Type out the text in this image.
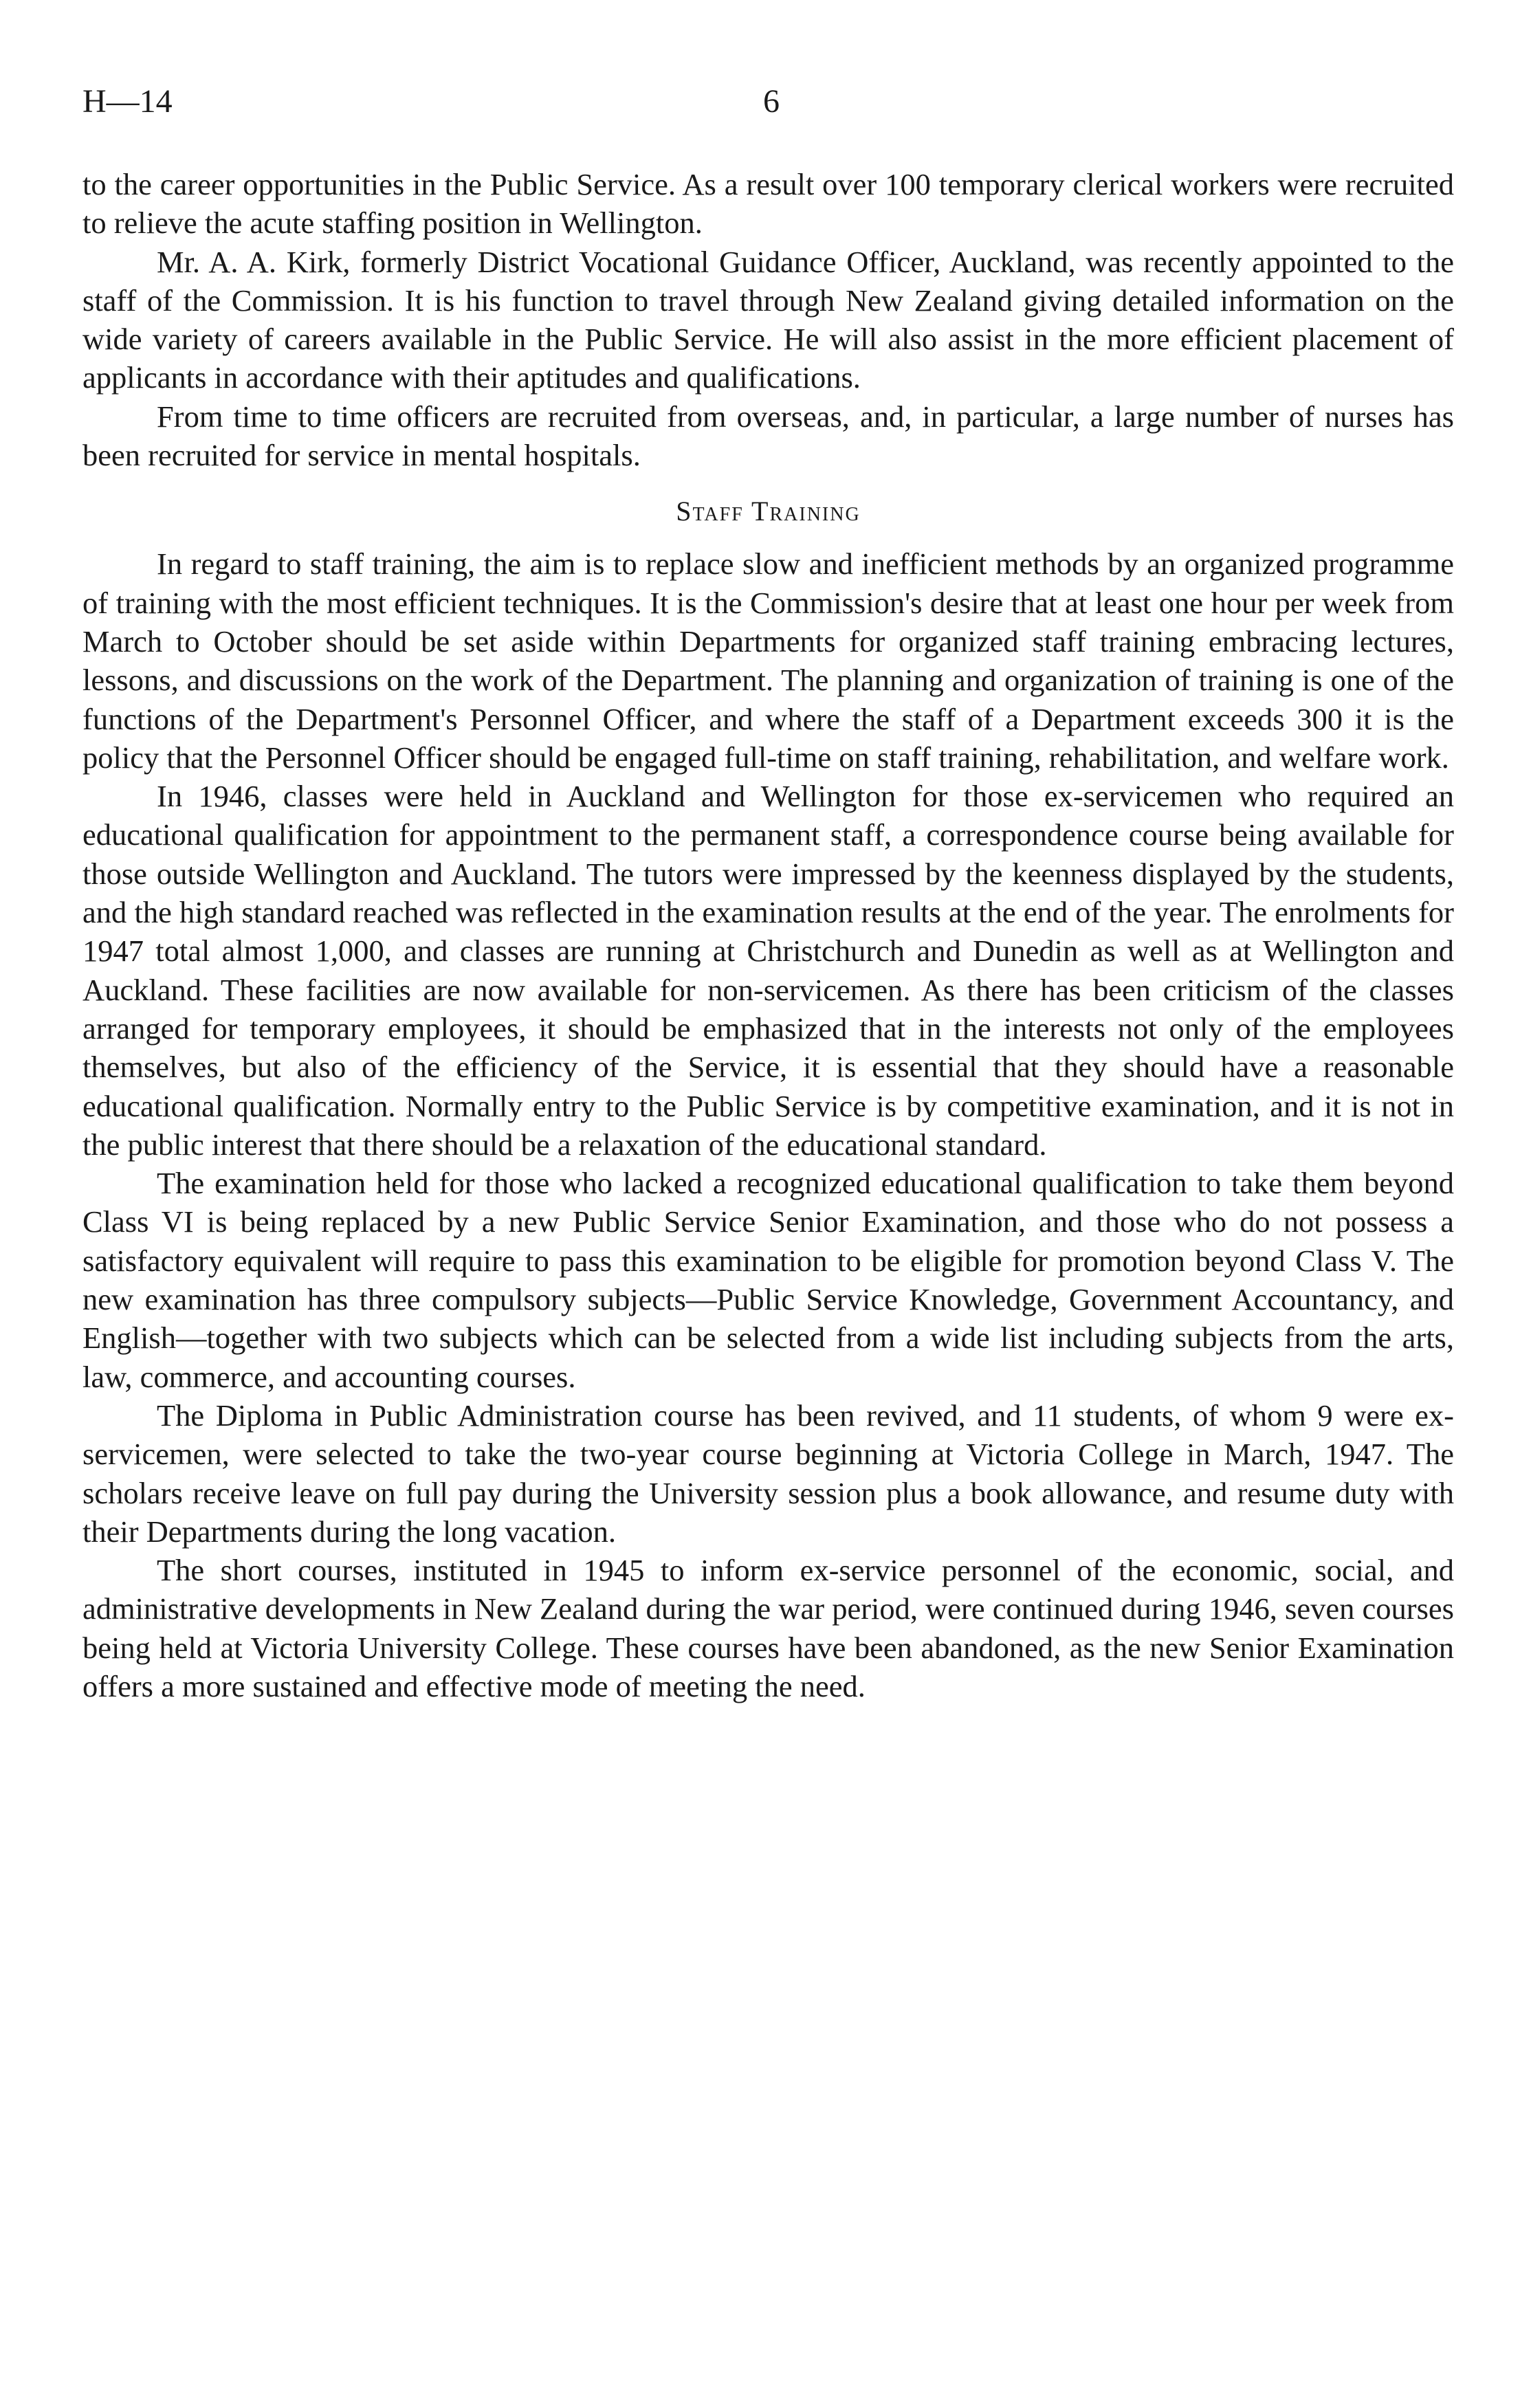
H—14	6

to the career opportunities in the Public Service. As a result over 100 temporary clerical workers were recruited to relieve the acute staffing position in Wellington.

Mr. A. A. Kirk, formerly District Vocational Guidance Officer, Auckland, was recently appointed to the staff of the Commission. It is his function to travel through New Zealand giving detailed information on the wide variety of careers available in the Public Service. He will also assist in the more efficient placement of applicants in accordance with their aptitudes and qualifications.

From time to time officers are recruited from overseas, and, in particular, a large number of nurses has been recruited for service in mental hospitals.

Staff Training

In regard to staff training, the aim is to replace slow and inefficient methods by an organized programme of training with the most efficient techniques. It is the Commission's desire that at least one hour per week from March to October should be set aside within Departments for organized staff training embracing lectures, lessons, and discussions on the work of the Department. The planning and organization of training is one of the functions of the Department's Personnel Officer, and where the staff of a Department exceeds 300 it is the policy that the Personnel Officer should be engaged full-time on staff training, rehabilitation, and welfare work.

In 1946, classes were held in Auckland and Wellington for those ex-servicemen who required an educational qualification for appointment to the permanent staff, a correspondence course being available for those outside Wellington and Auckland. The tutors were impressed by the keenness displayed by the students, and the high standard reached was reflected in the examination results at the end of the year. The enrolments for 1947 total almost 1,000, and classes are running at Christchurch and Dunedin as well as at Wellington and Auckland. These facilities are now available for non-servicemen. As there has been criticism of the classes arranged for temporary employees, it should be emphasized that in the interests not only of the employees themselves, but also of the efficiency of the Service, it is essential that they should have a reasonable educational qualification. Normally entry to the Public Service is by competitive examination, and it is not in the public interest that there should be a relaxation of the educational standard.

The examination held for those who lacked a recognized educational qualification to take them beyond Class VI is being replaced by a new Public Service Senior Examination, and those who do not possess a satisfactory equivalent will require to pass this examination to be eligible for promotion beyond Class V. The new examination has three compulsory subjects—Public Service Knowledge, Government Accountancy, and English—together with two subjects which can be selected from a wide list including subjects from the arts, law, commerce, and accounting courses.

The Diploma in Public Administration course has been revived, and 11 students, of whom 9 were ex-servicemen, were selected to take the two-year course beginning at Victoria College in March, 1947. The scholars receive leave on full pay during the University session plus a book allowance, and resume duty with their Departments during the long vacation.

The short courses, instituted in 1945 to inform ex-service personnel of the economic, social, and administrative developments in New Zealand during the war period, were continued during 1946, seven courses being held at Victoria University College. These courses have been abandoned, as the new Senior Examination offers a more sustained and effective mode of meeting the need.
